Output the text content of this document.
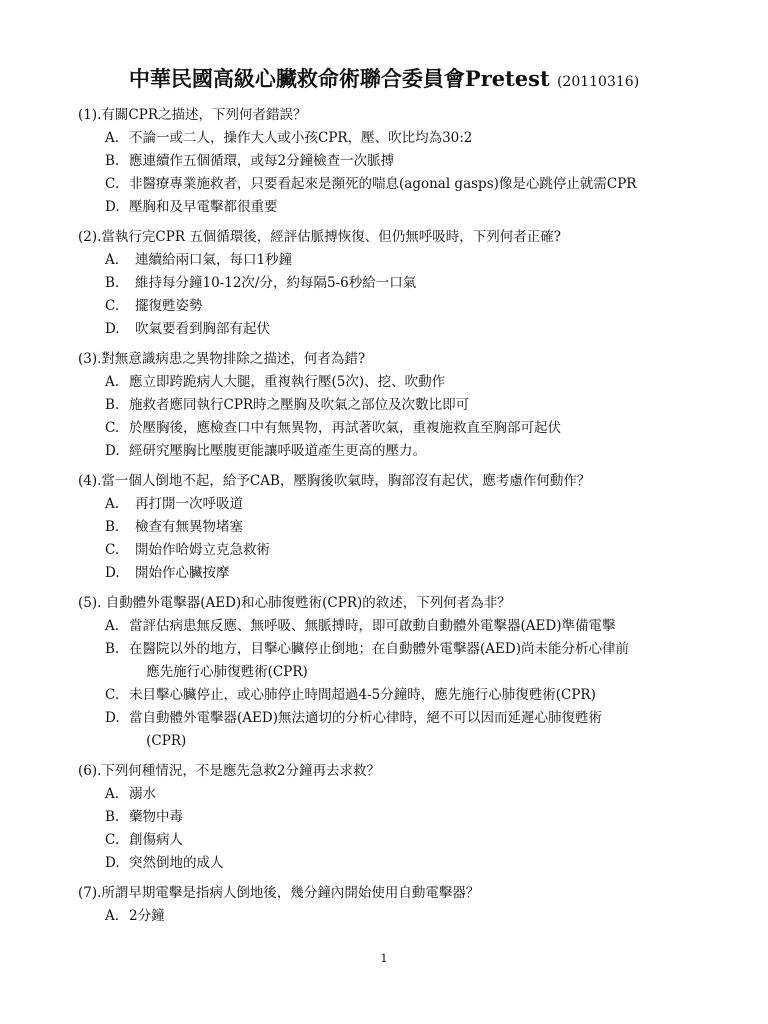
中華民國高級心臟救命術聯合委員會Pretest (20110316)
(1).有關CPR之描述，下列何者錯誤？
A. 不論一或二人，操作大人或小孩CPR，壓、吹比均為30:2
B. 應連續作五個循環，或每2分鐘檢查一次脈搏
C. 非醫療專業施救者，只要看起來是瀕死的喘息(agonal gasps)像是心跳停止就需CPR
D. 壓胸和及早電擊都很重要
(2).當執行完CPR 五個循環後，經評估脈搏恢復、但仍無呼吸時，下列何者正確?
A.	連續給兩口氣，每口1秒鐘
B.	維持每分鐘10-12次/分，約每隔5-6秒給一口氣
C.	擺復甦姿勢
D.	吹氣要看到胸部有起伏
(3).對無意識病患之異物排除之描述，何者為錯?
A. 應立即跨跪病人大腿，重複執行壓(5次)、挖、吹動作
B. 施救者應同執行CPR時之壓胸及吹氣之部位及次數比即可
C. 於壓胸後，應檢查口中有無異物，再試著吹氣，重複施救直至胸部可起伏
D. 經研究壓胸比壓腹更能讓呼吸道產生更高的壓力。
(4).當一個人倒地不起，給予CAB，壓胸後吹氣時，胸部沒有起伏，應考慮作何動作？
A.	再打開一次呼吸道
B.	檢查有無異物堵塞
C.	開始作哈姆立克急救術
D.	開始作心臟按摩
(5). 自動體外電擊器(AED)和心肺復甦術(CPR)的敘述，下列何者為非？
A. 當評估病患無反應、無呼吸、無脈搏時，即可啟動自動體外電擊器(AED)準備電擊
B. 在醫院以外的地方，目擊心臟停止倒地；在自動體外電擊器(AED)尚未能分析心律前
應先施行心肺復甦術(CPR)
C. 未目擊心臟停止，或心肺停止時間超過4-5分鐘時，應先施行心肺復甦術(CPR)
D. 當自動體外電擊器(AED)無法適切的分析心律時，絕不可以因而延遲心肺復甦術
(CPR)
(6).下列何種情況，不是應先急救2分鐘再去求救？
A. 溺水
B. 藥物中毒
C. 創傷病人
D. 突然倒地的成人
(7).所謂早期電擊是指病人倒地後，幾分鐘內開始使用自動電擊器？
A. 2分鐘
1
